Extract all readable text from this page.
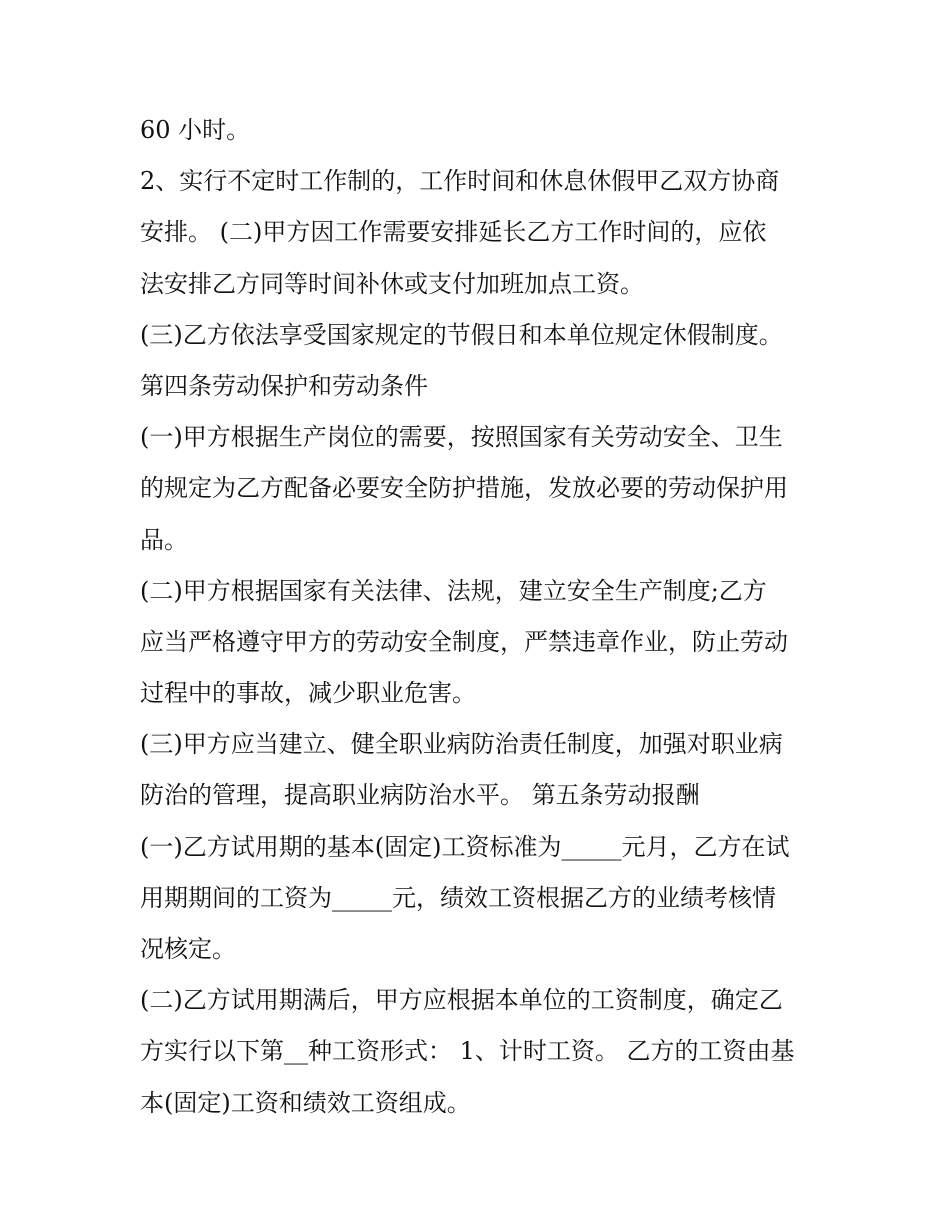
60 小时。
2、实行不定时工作制的，工作时间和休息休假甲乙双方协商
安排。 (二)甲方因工作需要安排延长乙方工作时间的，应依
法安排乙方同等时间补休或支付加班加点工资。
(三)乙方依法享受国家规定的节假日和本单位规定休假制度。
第四条劳动保护和劳动条件
(一)甲方根据生产岗位的需要，按照国家有关劳动安全、卫生
的规定为乙方配备必要安全防护措施，发放必要的劳动保护用
品。
(二)甲方根据国家有关法律、法规，建立安全生产制度;乙方
应当严格遵守甲方的劳动安全制度，严禁违章作业，防止劳动
过程中的事故，减少职业危害。
(三)甲方应当建立、健全职业病防治责任制度，加强对职业病
防治的管理，提高职业病防治水平。 第五条劳动报酬
(一)乙方试用期的基本(固定)工资标准为_____元月，乙方在试
用期期间的工资为_____元，绩效工资根据乙方的业绩考核情
况核定。
(二)乙方试用期满后，甲方应根据本单位的工资制度，确定乙
方实行以下第__种工资形式： 1、计时工资。 乙方的工资由基
本(固定)工资和绩效工资组成。
